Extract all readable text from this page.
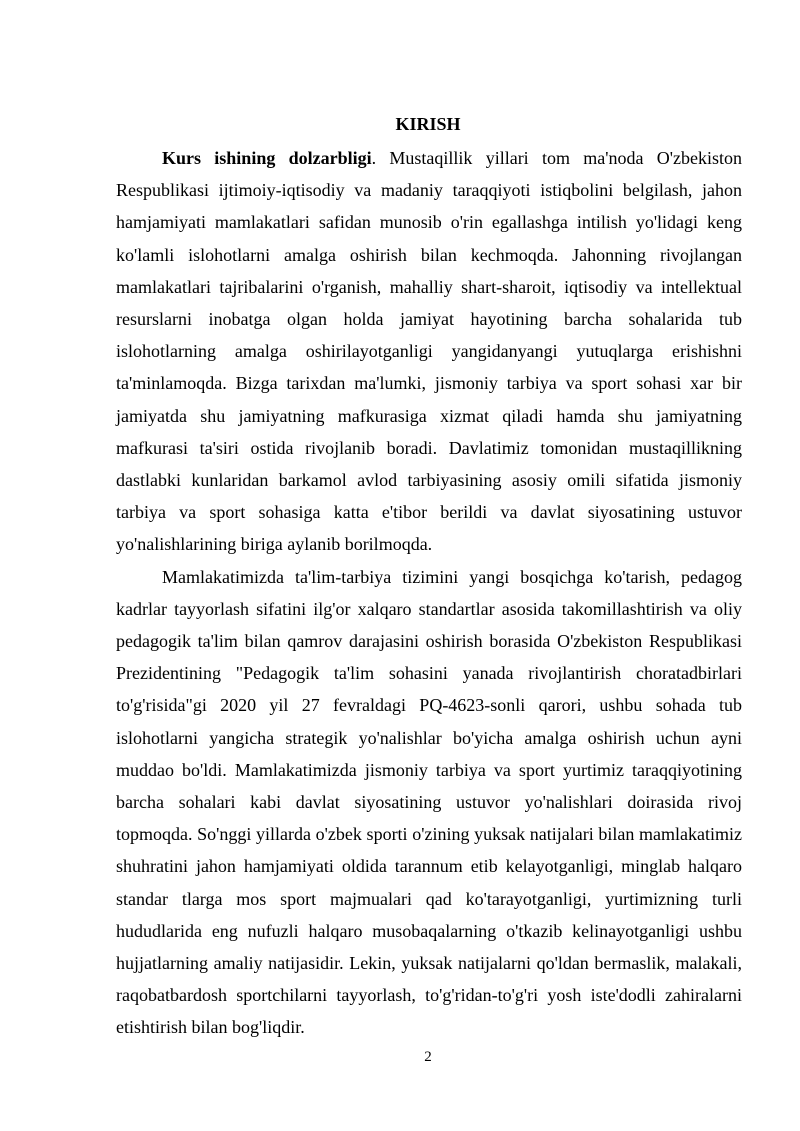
KIRISH

Kurs ishining dolzarbligi. Mustaqillik yillari tom ma'noda O'zbekiston Respublikasi ijtimoiy-iqtisodiy va madaniy taraqqiyoti istiqbolini belgilash, jahon hamjamiyati mamlakatlari safidan munosib o'rin egallashga intilish yo'lidagi keng ko'lamli islohotlarni amalga oshirish bilan kechmoqda. Jahonning rivojlangan mamlakatlari tajribalarini o'rganish, mahalliy shart-sharoit, iqtisodiy va intellektual resurslarni inobatga olgan holda jamiyat hayotining barcha sohalarida tub islohotlarning amalga oshirilayotganligi yangidanyangi yutuqlarga erishishni ta'minlamoqda. Bizga tarixdan ma'lumki, jismoniy tarbiya va sport sohasi xar bir jamiyatda shu jamiyatning mafkurasiga xizmat qiladi hamda shu jamiyatning mafkurasi ta'siri ostida rivojlanib boradi. Davlatimiz tomonidan mustaqillikning dastlabki kunlaridan barkamol avlod tarbiyasining asosiy omili sifatida jismoniy tarbiya va sport sohasiga katta e'tibor berildi va davlat siyosatining ustuvor yo'nalishlarining biriga aylanib borilmoqda.

Mamlakatimizda ta'lim-tarbiya tizimini yangi bosqichga ko'tarish, pedagog kadrlar tayyorlash sifatini ilg'or xalqaro standartlar asosida takomillashtirish va oliy pedagogik ta'lim bilan qamrov darajasini oshirish borasida O'zbekiston Respublikasi Prezidentining "Pedagogik ta'lim sohasini yanada rivojlantirish choratadbirlari to'g'risida"gi 2020 yil 27 fevraldagi PQ-4623-sonli qarori, ushbu sohada tub islohotlarni yangicha strategik yo'nalishlar bo'yicha amalga oshirish uchun ayni muddao bo'ldi. Mamlakatimizda jismoniy tarbiya va sport yurtimiz taraqqiyotining barcha sohalari kabi davlat siyosatining ustuvor yo'nalishlari doirasida rivoj topmoqda. So'nggi yillarda o'zbek sporti o'zining yuksak natijalari bilan mamlakatimiz shuhratini jahon hamjamiyati oldida tarannum etib kelayotganligi, minglab halqaro standar tlarga mos sport majmualari qad ko'tarayotganligi, yurtimizning turli hududlarida eng nufuzli halqaro musobaqalarning o'tkazib kelinayotganligi ushbu hujjatlarning amaliy natijasidir. Lekin, yuksak natijalarni qo'ldan bermaslik, malakali, raqobatbardosh sportchilarni tayyorlash, to'g'ridan-to'g'ri yosh iste'dodli zahiralarni etishtirish bilan bog'liqdir.

2
